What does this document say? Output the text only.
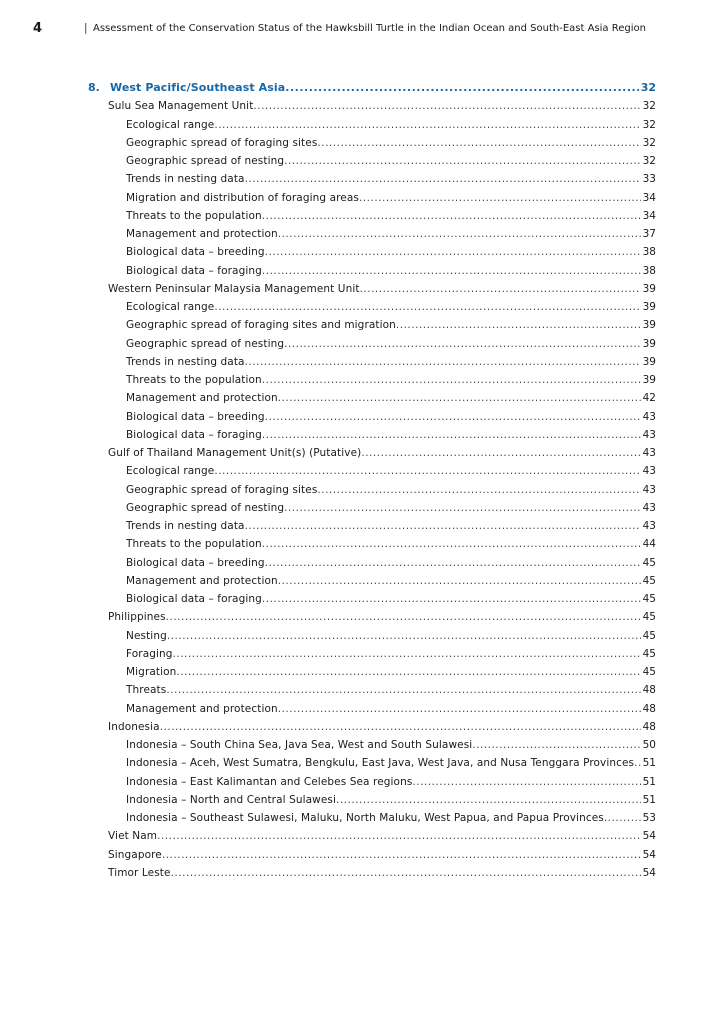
4	| Assessment of the Conservation Status of the Hawksbill Turtle in the Indian Ocean and South-East Asia Region
8. West Pacific/Southeast Asia .....	32
Sulu Sea Management Unit .....	32
Ecological range .....	32
Geographic spread of foraging sites .....	32
Geographic spread of nesting .....	32
Trends in nesting data .....	33
Migration and distribution of foraging areas .....	34
Threats to the population .....	34
Management and protection .....	37
Biological data – breeding .....	38
Biological data – foraging .....	38
Western Peninsular Malaysia Management Unit .....	39
Ecological range .....	39
Geographic spread of foraging sites and migration .....	39
Geographic spread of nesting .....	39
Trends in nesting data .....	39
Threats to the population .....	39
Management and protection .....	42
Biological data – breeding .....	43
Biological data – foraging .....	43
Gulf of Thailand Management Unit(s) (Putative) .....	43
Ecological range .....	43
Geographic spread of foraging sites .....	43
Geographic spread of nesting .....	43
Trends in nesting data .....	43
Threats to the population .....	44
Biological data – breeding .....	45
Management and protection .....	45
Biological data – foraging .....	45
Philippines .....	45
Nesting .....	45
Foraging .....	45
Migration .....	45
Threats .....	48
Management and protection .....	48
Indonesia .....	48
Indonesia – South China Sea, Java Sea, West and South Sulawesi .....	50
Indonesia – Aceh, West Sumatra, Bengkulu, East Java, West Java, and Nusa Tenggara Provinces ..... 51
Indonesia – East Kalimantan and Celebes Sea regions .....	51
Indonesia – North and Central Sulawesi .....	51
Indonesia – Southeast Sulawesi, Maluku, North Maluku, West Papua, and Papua Provinces .....	53
Viet Nam .....	54
Singapore .....	54
Timor Leste .....	54
